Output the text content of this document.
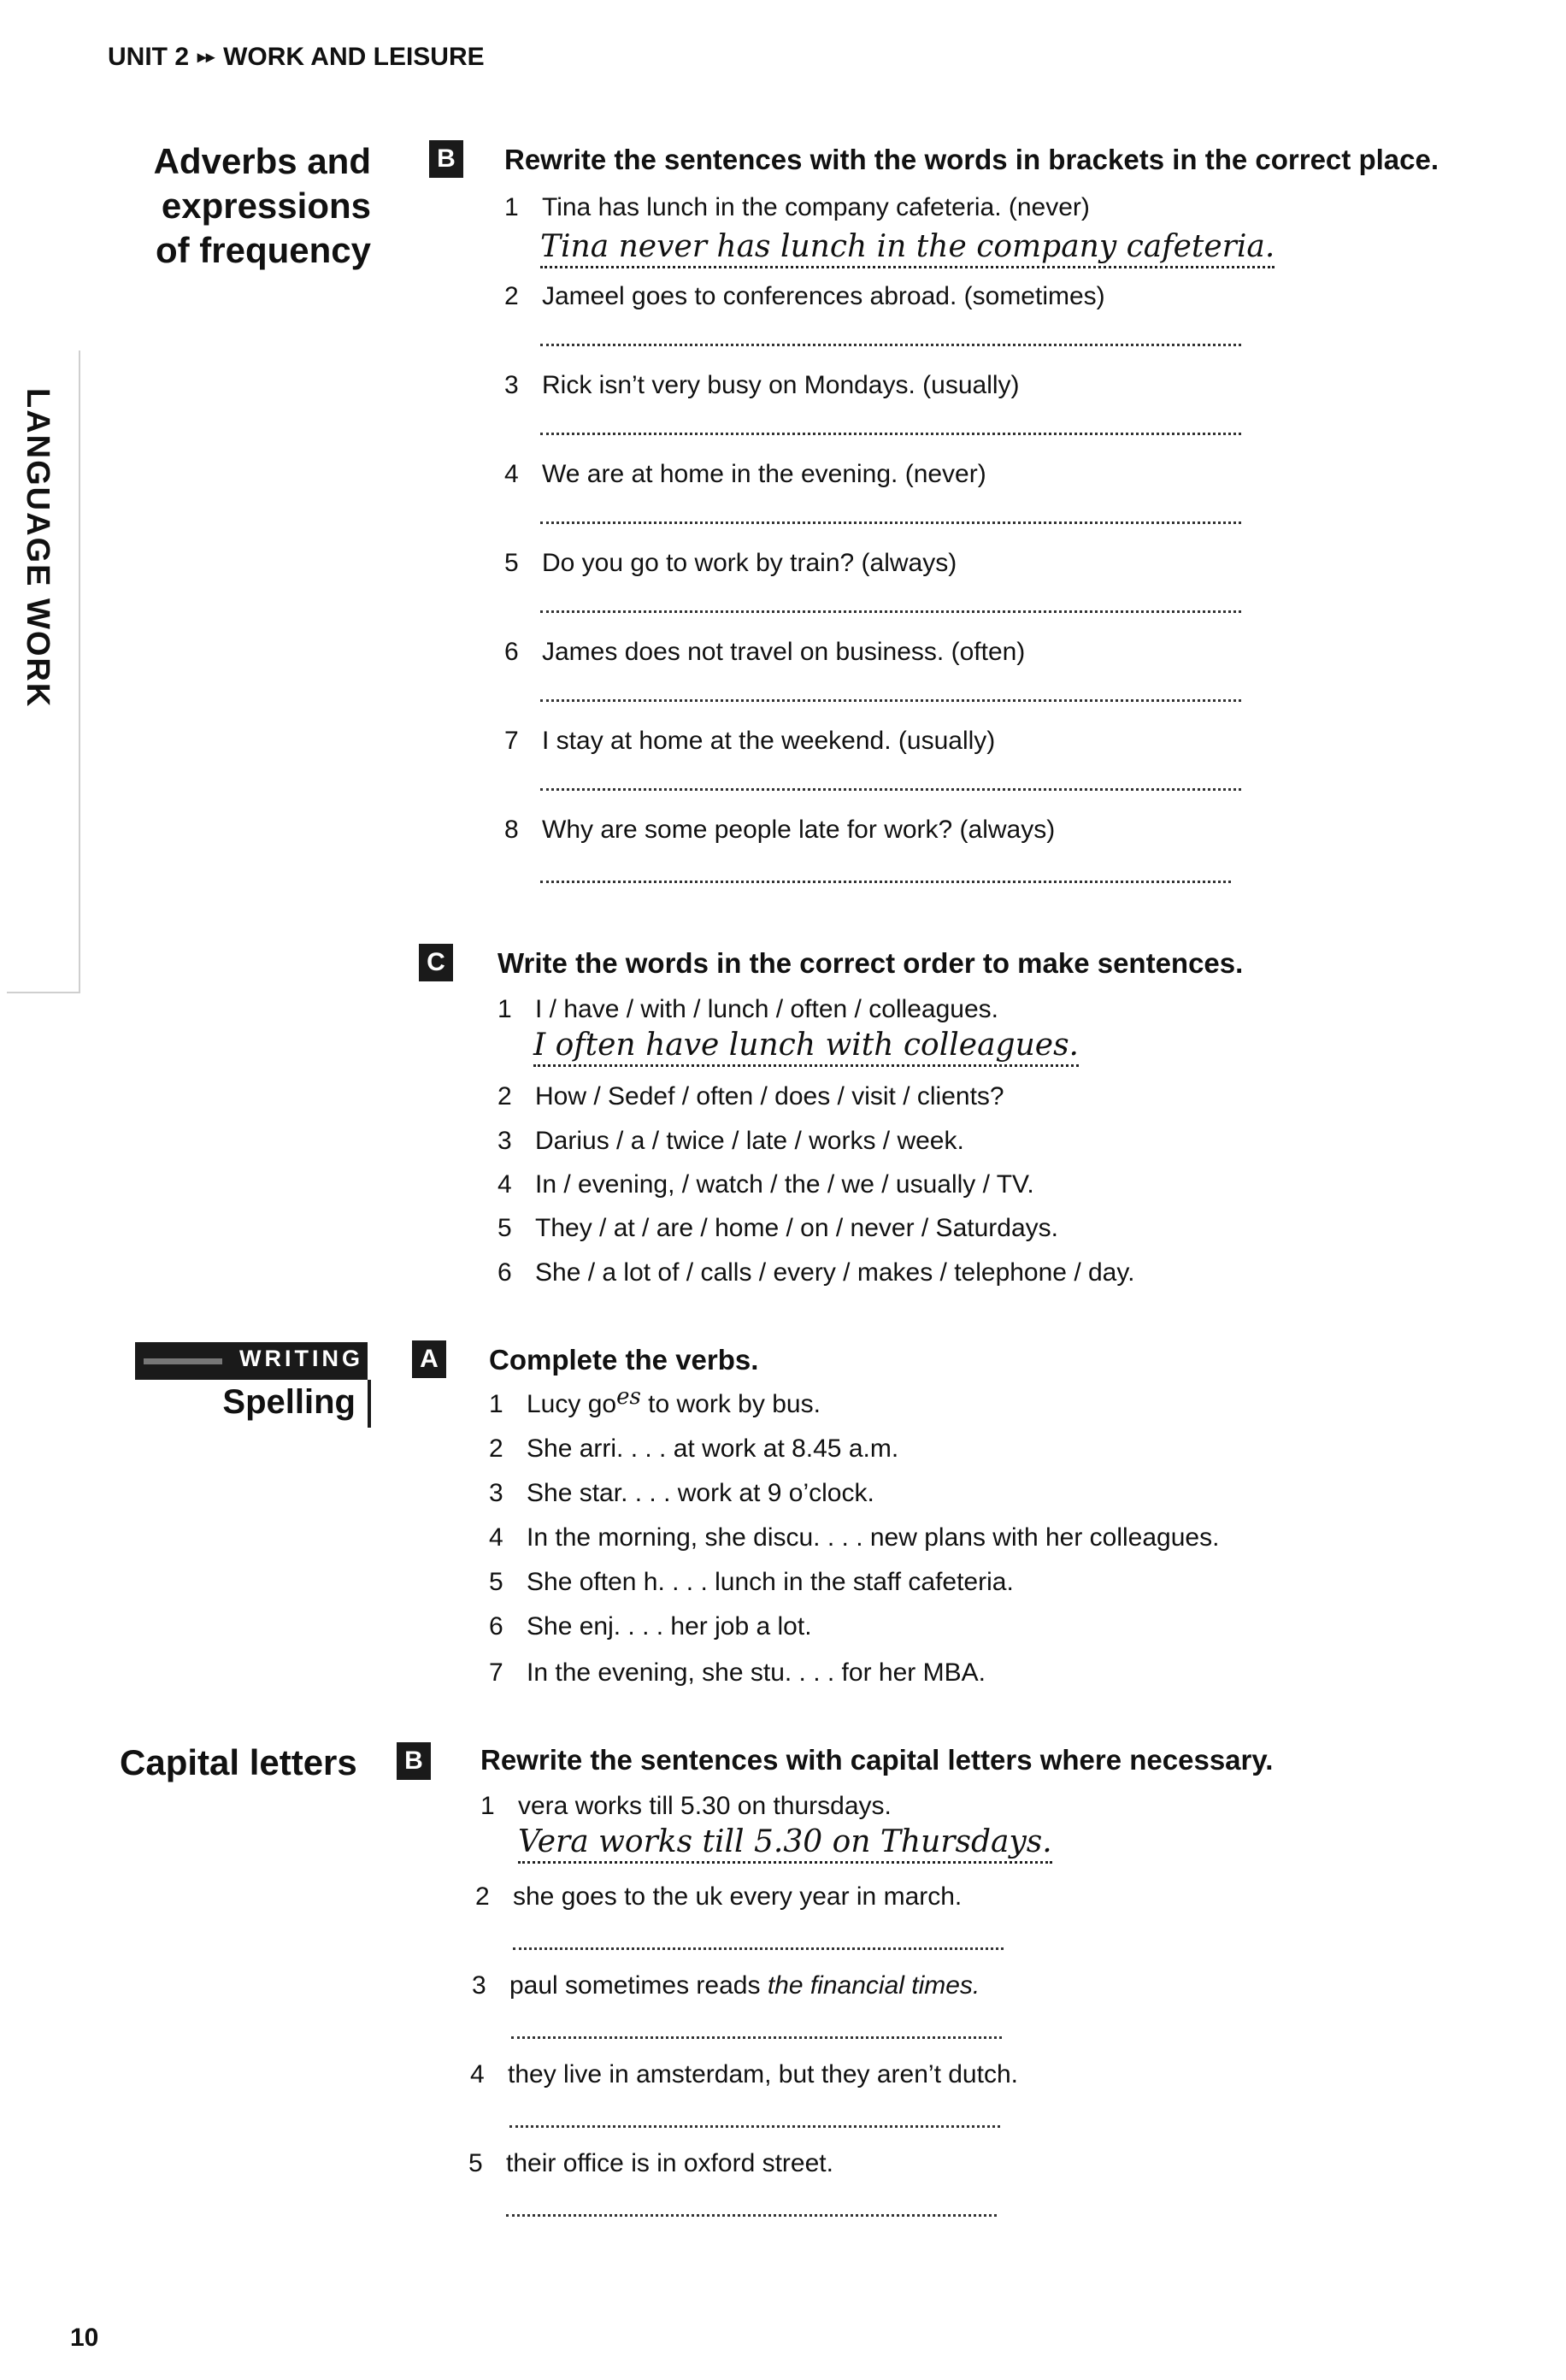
UNIT 2 ▸▸ WORK AND LEISURE
LANGUAGE WORK
Adverbs and
expressions
of frequency
B Rewrite the sentences with the words in brackets in the correct place.
1 Tina has lunch in the company cafeteria. (never)
Tina never has lunch in the company cafeteria.
2 Jameel goes to conferences abroad. (sometimes)
3 Rick isn’t very busy on Mondays. (usually)
4 We are at home in the evening. (never)
5 Do you go to work by train? (always)
6 James does not travel on business. (often)
7 I stay at home at the weekend. (usually)
8 Why are some people late for work? (always)
C Write the words in the correct order to make sentences.
1 I / have / with / lunch / often / colleagues.
I often have lunch with colleagues.
2 How / Sedef / often / does / visit / clients?
3 Darius / a / twice / late / works / week.
4 In / evening, / watch / the / we / usually / TV.
5 They / at / are / home / on / never / Saturdays.
6 She / a lot of / calls / every / makes / telephone / day.
WRITING
Spelling
A Complete the verbs.
1 Lucy goes to work by bus.
2 She arri. . . . at work at 8.45 a.m.
3 She star. . . . work at 9 o’clock.
4 In the morning, she discu. . . . new plans with her colleagues.
5 She often h. . . . lunch in the staff cafeteria.
6 She enj. . . . her job a lot.
7 In the evening, she stu. . . . for her MBA.
Capital letters	B Rewrite the sentences with capital letters where necessary.
1 vera works till 5.30 on thursdays.
Vera works till 5.30 on Thursdays.
2 she goes to the uk every year in march.
3 paul sometimes reads the financial times.
4 they live in amsterdam, but they aren’t dutch.
5 their office is in oxford street.
10
